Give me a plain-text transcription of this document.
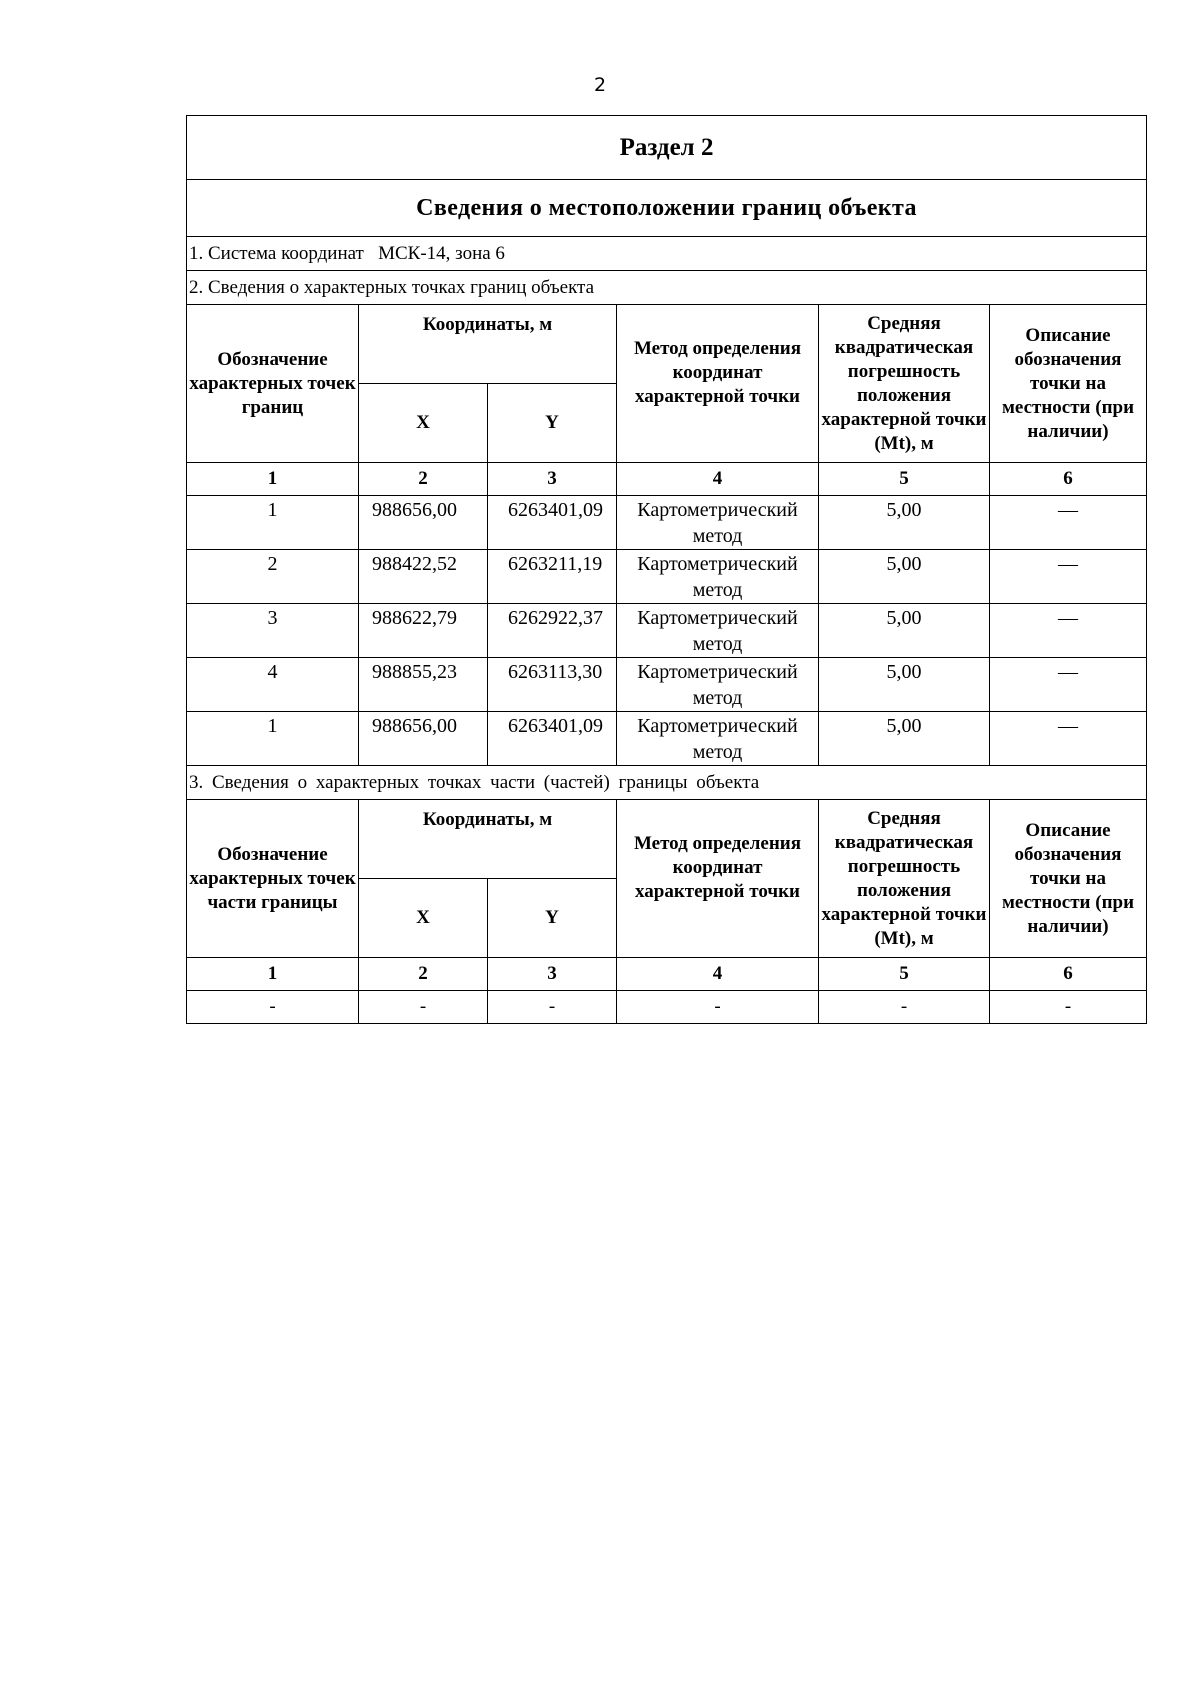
2
Раздел 2					
Сведения о местоположении границ объекта					
1. Система координат МСК-14, зона 6					
2. Сведения о характерных точках границ объекта					
Обозначение характерных точек границ	Координаты, м		Метод определения координат характерной точки	Средняя квадратическая погрешность положения характерной точки (Mt), м	Описание обозначения точки на местности (при наличии)
	X	Y			
1	2	3	4	5	6
1	988656,00	6263401,09	Картометрический метод	5,00	—
2	988422,52	6263211,19	Картометрический метод	5,00	—
3	988622,79	6262922,37	Картометрический метод	5,00	—
4	988855,23	6263113,30	Картометрический метод	5,00	—
1	988656,00	6263401,09	Картометрический метод	5,00	—
3. Сведения о характерных точках части (частей) границы объекта					
Обозначение характерных точек части границы	Координаты, м		Метод определения координат характерной точки	Средняя квадратическая погрешность положения характерной точки (Mt), м	Описание обозначения точки на местности (при наличии)
	X	Y			
1	2	3	4	5	6
-	-	-	-	-	-
